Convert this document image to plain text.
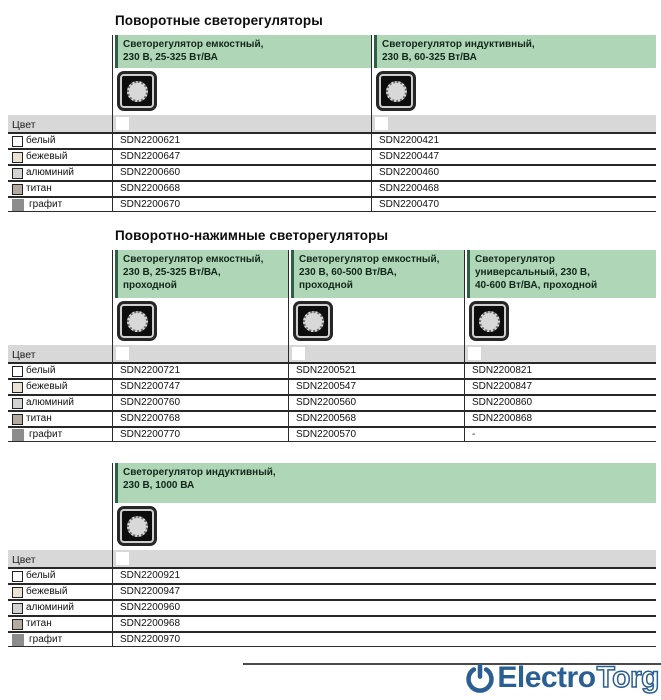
Поворотные светорегуляторы
Светорегулятор емкостный,
230 В, 25-325 Вт/ВА
Светорегулятор индуктивный,
230 В, 60-325 Вт/ВА
Цвет
белый	SDN2200621	SDN2200421
бежевый	SDN2200647	SDN2200447
алюминий	SDN2200660	SDN2200460
титан	SDN2200668	SDN2200468
графит	SDN2200670	SDN2200470
Поворотно-нажимные светорегуляторы
Светорегулятор емкостный,
230 В, 25-325 Вт/ВА,
проходной
Светорегулятор емкостный,
230 В, 60-500 Вт/ВА,
проходной
Светорегулятор
универсальный, 230 В,
40-600 Вт/ВА, проходной
Цвет
белый	SDN2200721	SDN2200521	SDN2200821
бежевый	SDN2200747	SDN2200547	SDN2200847
алюминий	SDN2200760	SDN2200560	SDN2200860
титан	SDN2200768	SDN2200568	SDN2200868
графит	SDN2200770	SDN2200570	-
Светорегулятор индуктивный,
230 В, 1000 ВА
Цвет
белый	SDN2200921
бежевый	SDN2200947
алюминий	SDN2200960
титан	SDN2200968
графит	SDN2200970
Electro Torg
